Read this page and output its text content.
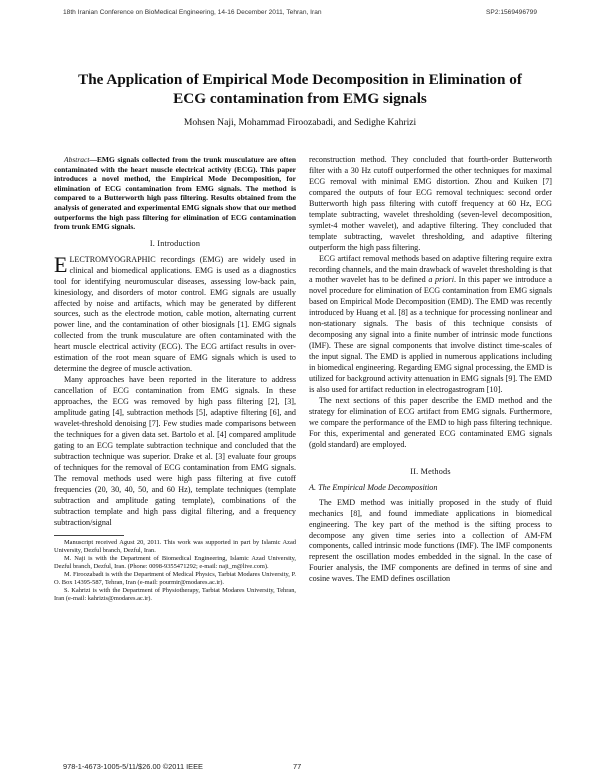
18th Iranian Conference on BioMedical Engineering, 14-16 December 2011, Tehran, Iran	SP2:1569496799
The Application of Empirical Mode Decomposition in Elimination of ECG contamination from EMG signals
Mohsen Naji, Mohammad Firoozabadi, and Sedighe Kahrizi

Abstract—EMG signals collected from the trunk musculature are often contaminated with the heart muscle electrical activity (ECG). This paper introduces a novel method, the Empirical Mode Decomposition, for elimination of ECG contamination from EMG signals. The method is compared to a Butterworth high pass filtering. Results obtained from the analysis of generated and experimental EMG signals show that our method outperforms the high pass filtering for elimination of ECG contamination from trunk EMG signals.

I. Introduction

ELECTROMYOGRAPHIC recordings (EMG) are widely used in clinical and biomedical applications. EMG is used as a diagnostics tool for identifying neuromuscular diseases, assessing low-back pain, kinesiology, and disorders of motor control. EMG signals are usually affected by noise and artifacts, which may be generated by different sources, such as the electrode motion, cable motion, alternating current power line, and the contamination of other biosignals [1]. EMG signals collected from the trunk musculature are often contaminated with the heart muscle electrical activity (ECG). The ECG artifact results in over-estimation of the root mean square of EMG signals which is used to determine the degree of muscle activation.

Many approaches have been reported in the literature to address cancellation of ECG contamination from EMG signals. In these approaches, the ECG was removed by high pass filtering [2], [3], amplitude gating [4], subtraction methods [5], adaptive filtering [6], and wavelet-threshold denoising [7]. Few studies made comparisons between the techniques for a given data set. Bartolo et al. [4] compared amplitude gating to an ECG template subtraction technique and concluded that the subtraction technique was superior. Drake et al. [3] evaluate four groups of techniques for the removal of ECG contamination from EMG signals. The removal methods used were high pass filtering at five cutoff frequencies (20, 30, 40, 50, and 60 Hz), template techniques (template subtraction and amplitude gating template), combinations of the subtraction template and high pass digital filtering, and a frequency subtraction/signal

Manuscript received Agust 20, 2011. This work was supported in part by Islamic Azad University, Dezful branch, Dezful, Iran.

M. Naji is with the Department of Biomedical Engineering, Islamic Azad University, Dezful branch, Dezful, Iran. (Phone: 0098-9355471292; e-mail: naji_m@live.com).

M. Firoozabadi is with the Department of Medical Physics, Tarbiat Modares University, P. O. Box 14395-587, Tehran, Iran (e-mail: pourmir@modares.ac.ir).

S. Kahrizi is with the Department of Physiotherapy, Tarbiat Modares University, Tehran, Iran (e-mail: kahrizis@modares.ac.ir).

reconstruction method. They concluded that fourth-order Butterworth filter with a 30 Hz cutoff outperformed the other techniques for maximal ECG removal with minimal EMG distortion. Zhou and Kuiken [7] compared the outputs of four ECG removal techniques: second order Butterworth high pass filtering with cutoff frequency at 60 Hz, ECG template subtracting, wavelet thresholding (seven-level decomposition, symlet-4 mother wavelet), and adaptive filtering. They concluded that template subtracting, wavelet thresholding, and adaptive filtering outperform the high pass filtering.

ECG artifact removal methods based on adaptive filtering require extra recording channels, and the main drawback of wavelet thresholding is that a mother wavelet has to be defined a priori. In this paper we introduce a novel procedure for elimination of ECG contamination from EMG signals based on Empirical Mode Decomposition (EMD). The EMD was recently introduced by Huang et al. [8] as a technique for processing nonlinear and non-stationary signals. The basis of this technique consists of decomposing any signal into a finite number of intrinsic mode functions (IMF). These are signal components that involve distinct time-scales of the input signal. The EMD is applied in numerous applications including in biomedical engineering. Regarding EMG signal processing, the EMD is utilized for background activity attenuation in EMG signals [9]. The EMD is also used for artifact reduction in electrogastrogram [10].

The next sections of this paper describe the EMD method and the strategy for elimination of ECG artifact from EMG signals. Furthermore, we compare the performance of the EMD to high pass filtering technique. For this, experimental and generated ECG contaminated EMG signals (gold standard) are employed.

II. Methods
A. The Empirical Mode Decomposition

The EMD method was initially proposed in the study of fluid mechanics [8], and found immediate applications in biomedical engineering. The key part of the method is the sifting process to decompose any given time series into a collection of AM-FM components, called intrinsic mode functions (IMF). The IMF components represent the oscillation modes embedded in the signal. In the case of Fourier analysis, the IMF components are defined in terms of sine and cosine waves. The EMD defines oscillation

978-1-4673-1005-5/11/$26.00 ©2011 IEEE	77
